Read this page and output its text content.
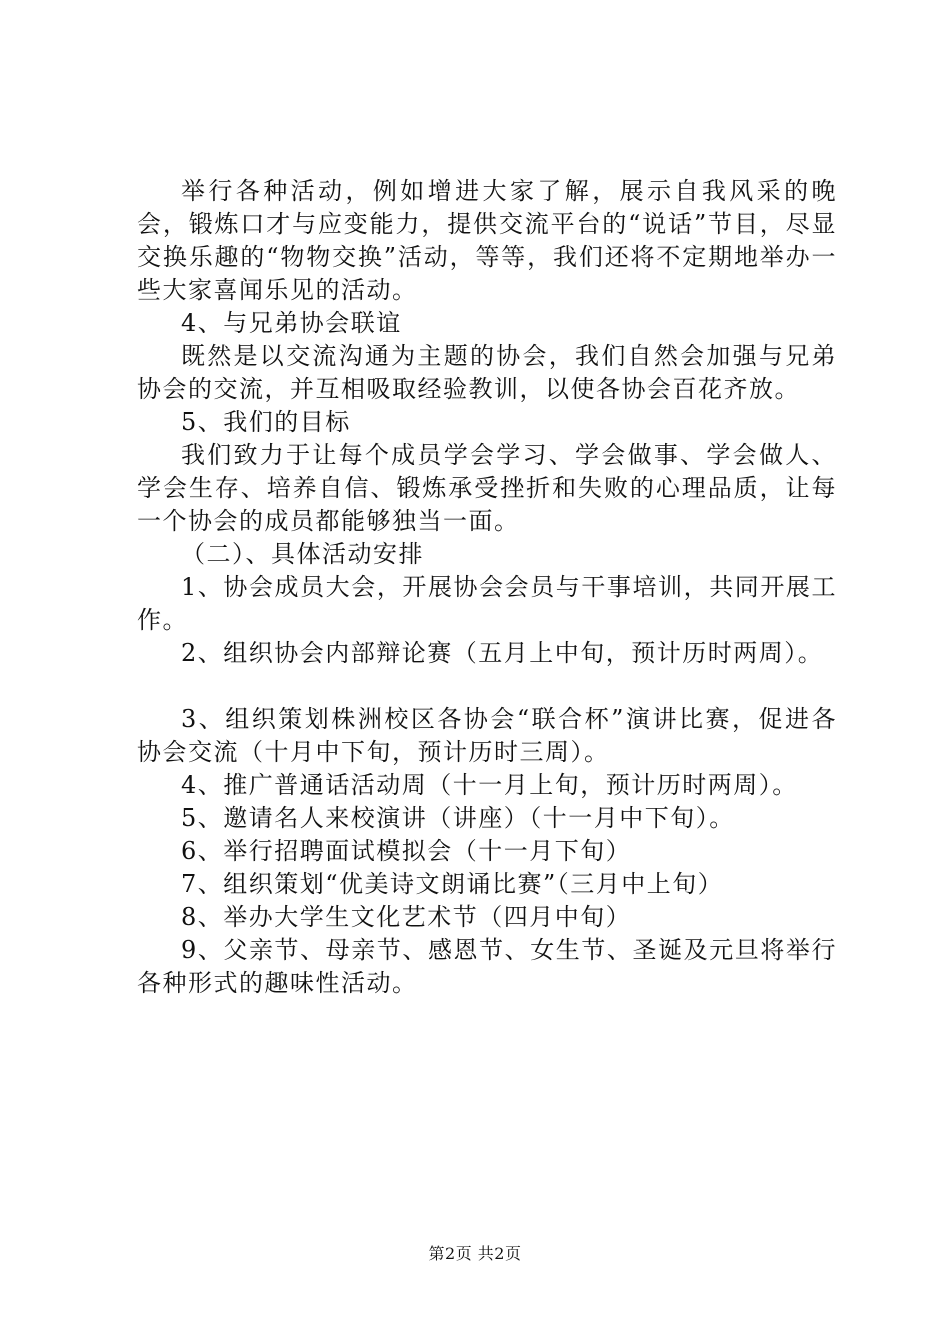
举行各种活动，例如增进大家了解，展示自我风采的晚会，锻炼口才与应变能力，提供交流平台的“说话”节目，尽显交换乐趣的“物物交换”活动，等等，我们还将不定期地举办一些大家喜闻乐见的活动。

4、与兄弟协会联谊

既然是以交流沟通为主题的协会，我们自然会加强与兄弟协会的交流，并互相吸取经验教训，以使各协会百花齐放。

5、我们的目标

我们致力于让每个成员学会学习、学会做事、学会做人、学会生存、培养自信、锻炼承受挫折和失败的心理品质，让每一个协会的成员都能够独当一面。

（二）、具体活动安排

1、协会成员大会，开展协会会员与干事培训，共同开展工作。

2、组织协会内部辩论赛（五月上中旬，预计历时两周）。

3、组织策划株洲校区各协会“联合杯”演讲比赛，促进各协会交流（十月中下旬，预计历时三周）。

4、推广普通话活动周（十一月上旬，预计历时两周）。

5、邀请名人来校演讲（讲座）（十一月中下旬）。

6、举行招聘面试模拟会（十一月下旬）

7、组织策划“优美诗文朗诵比赛”（三月中上旬）

8、举办大学生文化艺术节（四月中旬）

9、父亲节、母亲节、感恩节、女生节、圣诞及元旦将举行各种形式的趣味性活动。

第2页 共2页
